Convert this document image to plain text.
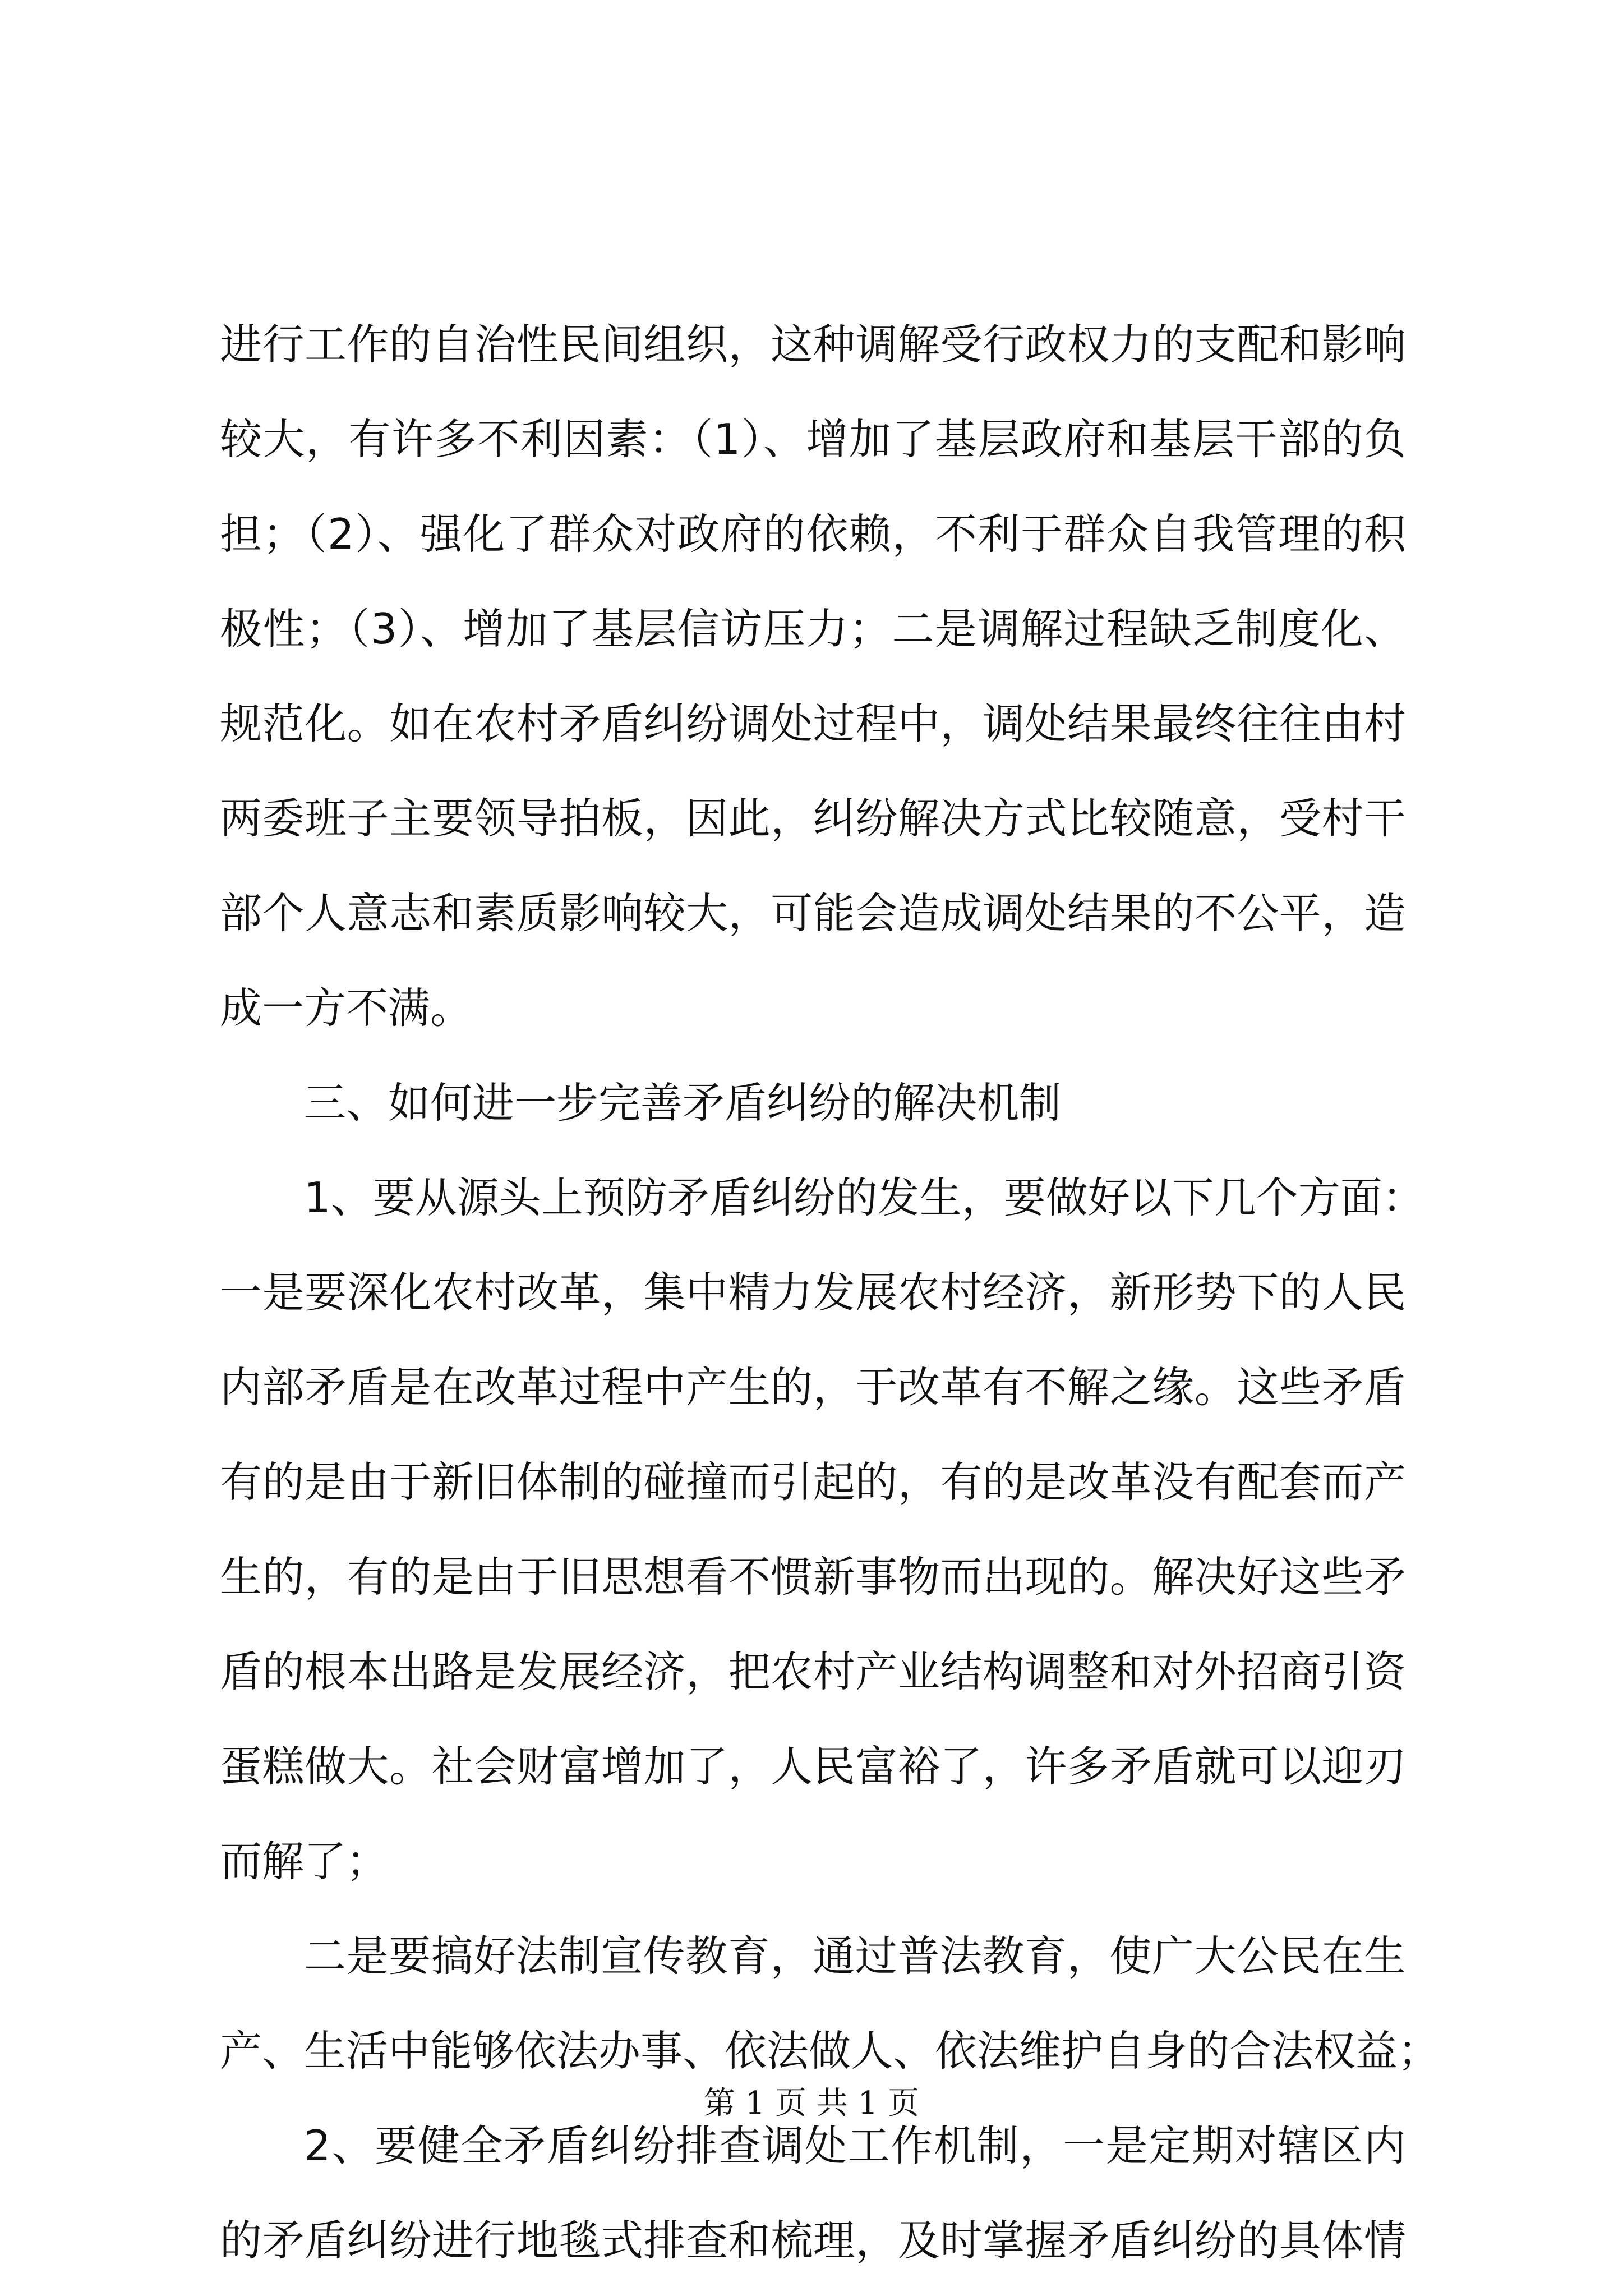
进行工作的自治性民间组织，这种调解受行政权力的支配和影响
较大，有许多不利因素：（1）、增加了基层政府和基层干部的负
担；（2）、强化了群众对政府的依赖，不利于群众自我管理的积
极性；（3）、增加了基层信访压力；二是调解过程缺乏制度化、
规范化。如在农村矛盾纠纷调处过程中，调处结果最终往往由村
两委班子主要领导拍板，因此，纠纷解决方式比较随意，受村干
部个人意志和素质影响较大，可能会造成调处结果的不公平，造
成一方不满。
三、如何进一步完善矛盾纠纷的解决机制
1、要从源头上预防矛盾纠纷的发生，要做好以下几个方面：
一是要深化农村改革，集中精力发展农村经济，新形势下的人民
内部矛盾是在改革过程中产生的，于改革有不解之缘。这些矛盾
有的是由于新旧体制的碰撞而引起的，有的是改革没有配套而产
生的，有的是由于旧思想看不惯新事物而出现的。解决好这些矛
盾的根本出路是发展经济，把农村产业结构调整和对外招商引资
蛋糕做大。社会财富增加了，人民富裕了，许多矛盾就可以迎刃
而解了；
二是要搞好法制宣传教育，通过普法教育，使广大公民在生
产、生活中能够依法办事、依法做人、依法维护自身的合法权益；
2、要健全矛盾纠纷排查调处工作机制，一是定期对辖区内
的矛盾纠纷进行地毯式排查和梳理，及时掌握矛盾纠纷的具体情
第 1 页 共 1 页
